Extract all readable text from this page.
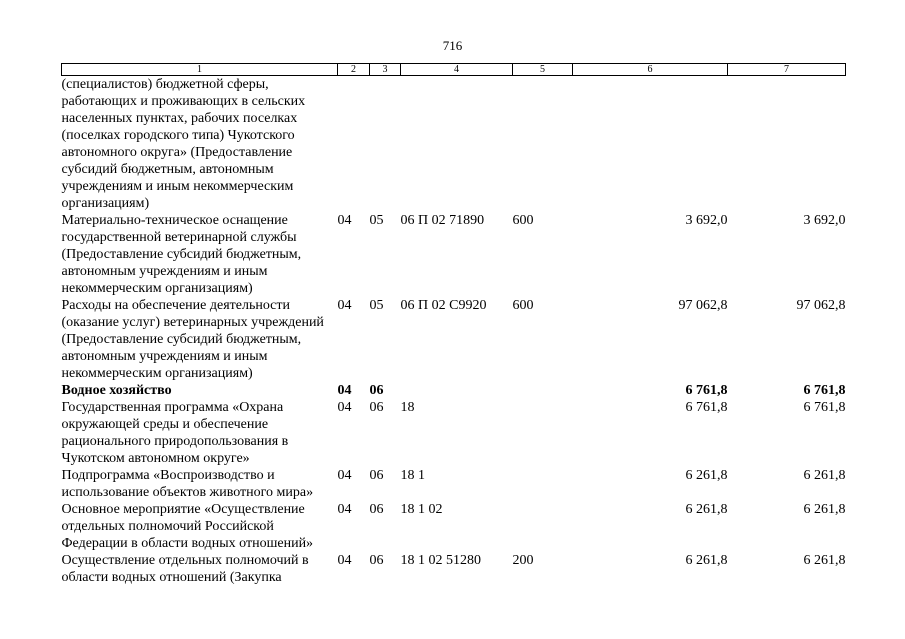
716
1	2	3	4	5	6	7
(специалистов) бюджетной сферы, работающих и проживающих в сельских населенных пунктах, рабочих поселках (поселках городского типа) Чукотского автономного округа» (Предоставление субсидий бюджетным, автономным учреждениям и иным некоммерческим организациям)						
Материально-техническое оснащение государственной ветеринарной службы (Предоставление субсидий бюджетным, автономным учреждениям и иным некоммерческим организациям)	04	05	06 П 02 71890	600	3 692,0	3 692,0
Расходы на обеспечение деятельности (оказание услуг) ветеринарных учреждений (Предоставление субсидий бюджетным, автономным учреждениям и иным некоммерческим организациям)	04	05	06 П 02 С9920	600	97 062,8	97 062,8
Водное хозяйство	04	06			6 761,8	6 761,8
Государственная программа «Охрана окружающей среды и обеспечение рационального природопользования в Чукотском автономном округе»	04	06	18		6 761,8	6 761,8
Подпрограмма «Воспроизводство и использование объектов животного мира»	04	06	18 1		6 261,8	6 261,8
Основное мероприятие «Осуществление отдельных полномочий Российской Федерации в области водных отношений»	04	06	18 1 02		6 261,8	6 261,8
Осуществление отдельных полномочий в области водных отношений (Закупка	04	06	18 1 02 51280	200	6 261,8	6 261,8
